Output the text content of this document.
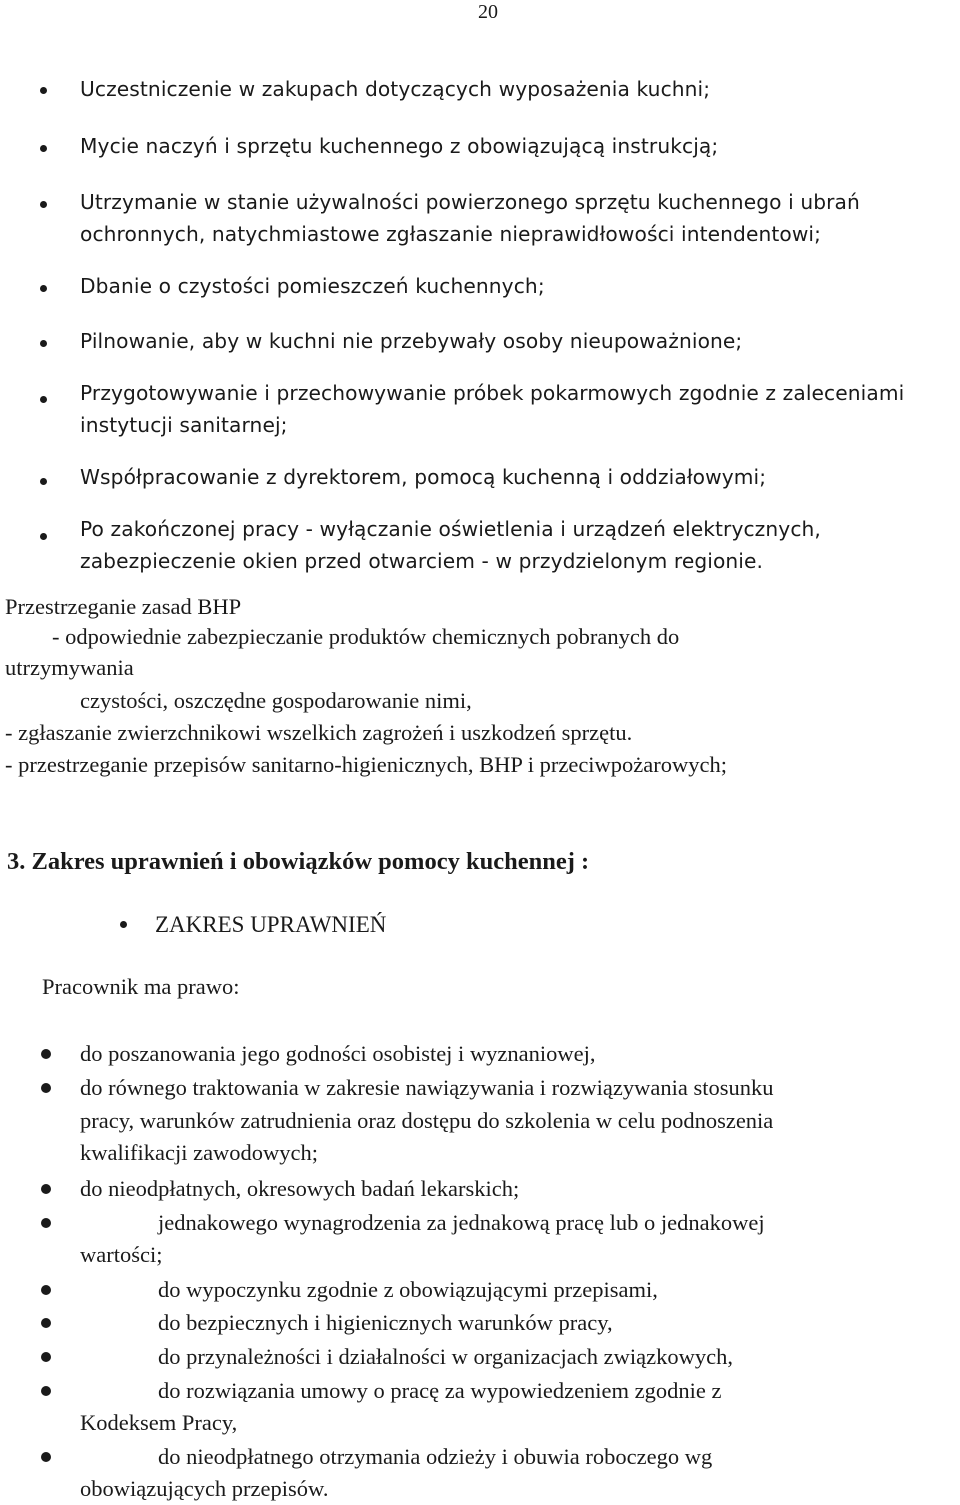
20
Uczestniczenie w zakupach dotyczących wyposażenia kuchni;
Mycie naczyń i sprzętu kuchennego z obowiązującą instrukcją;
Utrzymanie w stanie używalności powierzonego sprzętu kuchennego i ubrań ochronnych, natychmiastowe zgłaszanie nieprawidłowości intendentowi;
Dbanie o czystości pomieszczeń kuchennych;
Pilnowanie, aby w kuchni nie przebywały osoby nieupoważnione;
Przygotowywanie i przechowywanie próbek pokarmowych zgodnie z zaleceniami instytucji sanitarnej;
Współpracowanie z dyrektorem, pomocą kuchenną i oddziałowymi;
Po zakończonej pracy - wyłączanie oświetlenia i urządzeń elektrycznych, zabezpieczenie okien przed otwarciem - w przydzielonym regionie.
Przestrzeganie zasad BHP
- odpowiednie zabezpieczanie produktów chemicznych pobranych do
utrzymywania
czystości, oszczędne gospodarowanie nimi,
- zgłaszanie zwierzchnikowi wszelkich zagrożeń i uszkodzeń sprzętu.
- przestrzeganie przepisów sanitarno-higienicznych, BHP i przeciwpożarowych;
3. Zakres uprawnień i obowiązków pomocy kuchennej :
ZAKRES UPRAWNIEŃ
Pracownik ma prawo:
do poszanowania jego godności osobistej i wyznaniowej,
do równego traktowania w zakresie nawiązywania i rozwiązywania stosunku
pracy, warunków zatrudnienia oraz dostępu do szkolenia w celu podnoszenia
kwalifikacji zawodowych;
do nieodpłatnych, okresowych badań lekarskich;
jednakowego wynagrodzenia za jednakową pracę lub o jednakowej
wartości;
do wypoczynku zgodnie z obowiązującymi przepisami,
do bezpiecznych i higienicznych warunków pracy,
do przynależności i działalności w organizacjach związkowych,
do rozwiązania umowy o pracę za wypowiedzeniem zgodnie z
Kodeksem Pracy,
do nieodpłatnego otrzymania odzieży i obuwia roboczego wg
obowiązujących przepisów.
